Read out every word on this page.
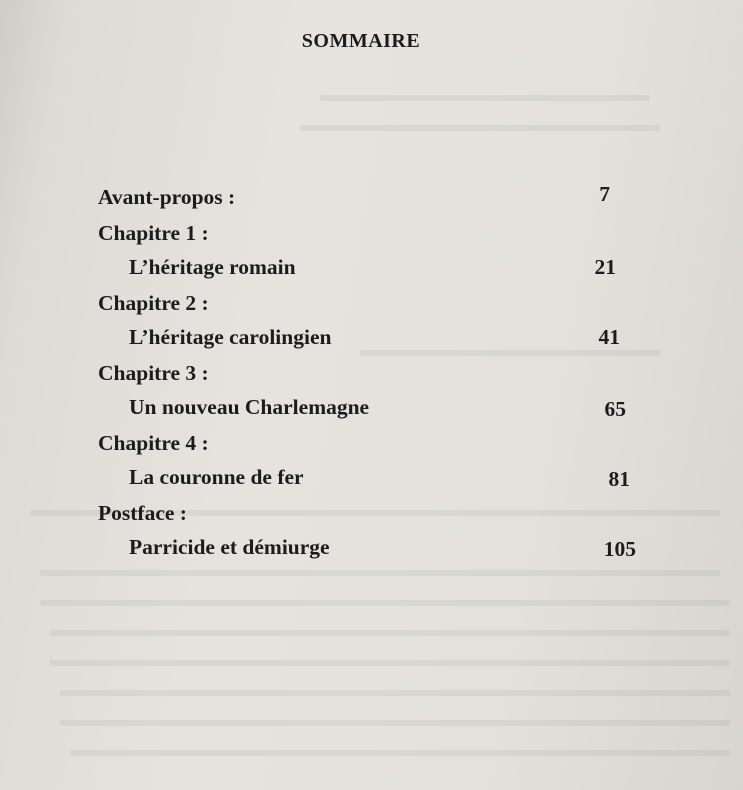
SOMMAIRE
Avant-propos :	7
Chapitre 1 :
L’héritage romain	21
Chapitre 2 :
L’héritage carolingien	41
Chapitre 3 :
Un nouveau Charlemagne	65
Chapitre 4 :
La couronne de fer	81
Postface :
Parricide et démiurge	105
